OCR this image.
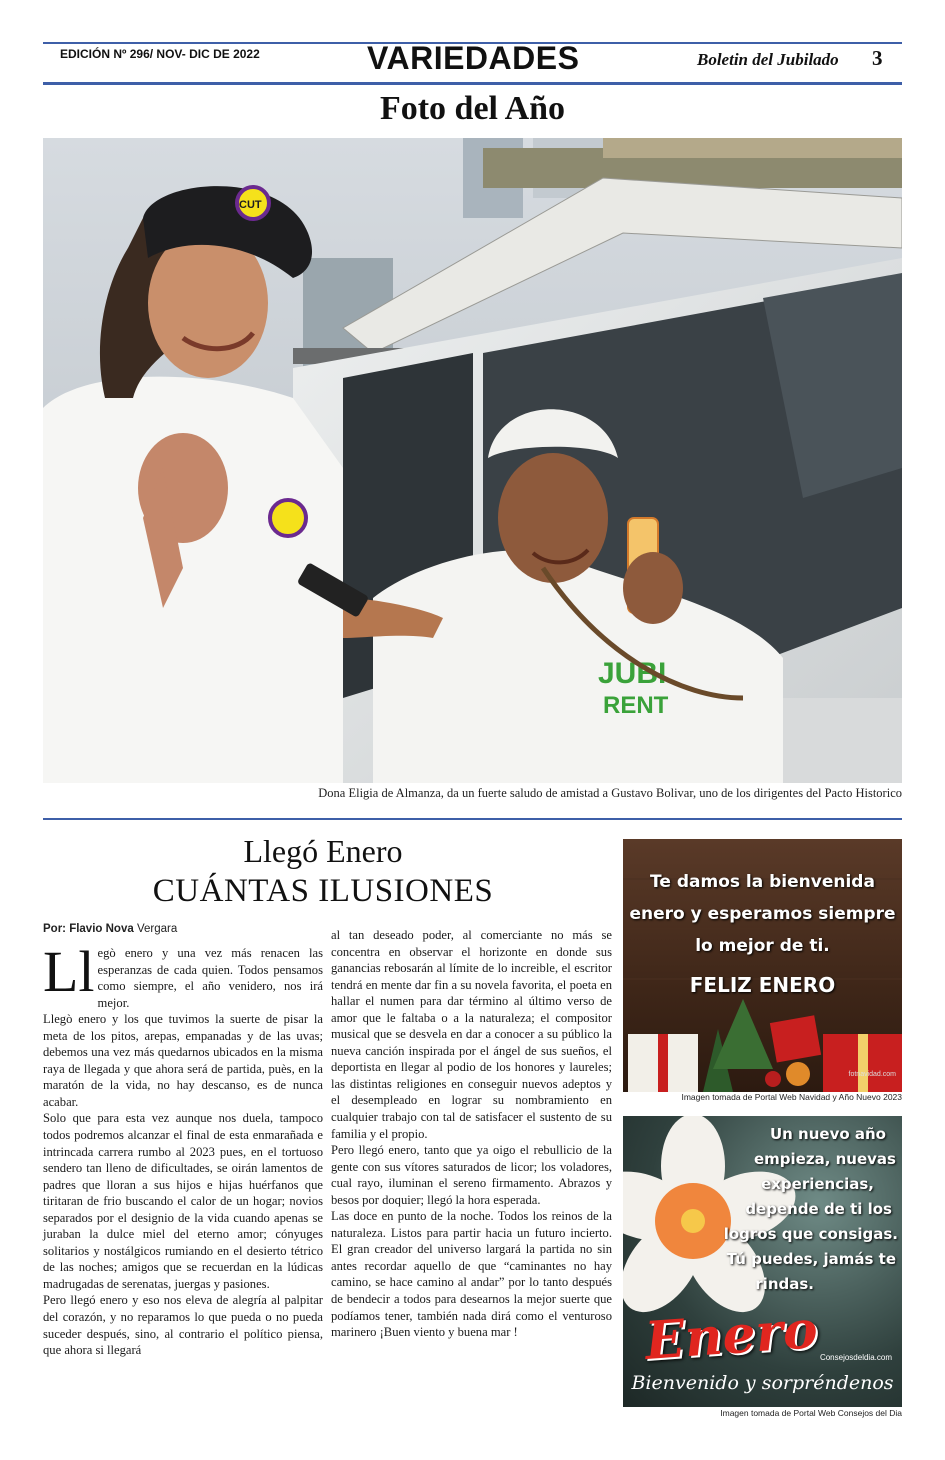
EDICIÓN Nº 296/ NOV- DIC DE 2022	VARIEDADES	Boletin del Jubilado 3
Foto del Año
CUT
JUBI
RENT
Dona Eligia de Almanza, da un fuerte saludo de amistad a Gustavo Bolivar, uno de los dirigentes del Pacto Historico
Llegó Enero
CUÁNTAS ILUSIONES
Por: Flavio Nova Vergara

Ll egò enero y una vez más renacen las esperanzas de cada quien. Todos pensamos como siempre, el año venidero, nos irá mejor.

Llegò enero y los que tuvimos la suerte de pisar la meta de los pitos, arepas, empanadas y de las uvas; debemos una vez más quedarnos ubicados en la misma raya de llegada y que ahora será de partida, puès, en la maratón de la vida, no hay descanso, es de nunca acabar.

Solo que para esta vez aunque nos duela, tampoco todos podremos alcanzar el final de esta enmarañada e intrincada carrera rumbo al 2023 pues, en el tortuoso sendero tan lleno de dificultades, se oirán lamentos de padres que lloran a sus hijos e hijas huérfanos que tiritaran de frio buscando el calor de un hogar; novios separados por el designio de la vida cuando apenas se juraban la dulce miel del eterno amor; cónyuges solitarios y nostálgicos rumiando en el desierto tétrico de las noches; amigos que se recuerdan en la lúdicas madrugadas de serenatas, juergas y pasiones.

Pero llegó enero y eso nos eleva de alegría al palpitar del corazón, y no reparamos lo que pueda o no pueda suceder después, sino, al contrario el político piensa, que ahora si llegará

al tan deseado poder, al comerciante no más se concentra en observar el horizonte en donde sus ganancias rebosarán al límite de lo increible, el escritor tendrá en mente dar fin a su novela favorita, el poeta en hallar el numen para dar término al último verso de amor que le faltaba o a la naturaleza; el compositor musical que se desvela en dar a conocer a su público la nueva canción inspirada por el ángel de sus sueños, el deportista en llegar al podio de los honores y laureles; las distintas religiones en conseguir nuevos adeptos y el desempleado en lograr su nombramiento en cualquier trabajo con tal de satisfacer el sustento de su familia y el propio.

Pero llegó enero, tanto que ya oigo el rebullicio de la gente con sus vítores saturados de licor; los voladores, cual rayo, iluminan el sereno firmamento. Abrazos y besos por doquier; llegó la hora esperada.

Las doce en punto de la noche. Todos los reinos de la naturaleza. Listos para partir hacia un futuro incierto. El gran creador del universo largará la partida no sin antes recordar aquello de que “caminantes no hay camino, se hace camino al andar” por lo tanto después de bendecir a todos para desearnos la mejor suerte que podíamos tener, también nada dirá como el venturoso marinero ¡Buen viento y buena mar !

Te damos la bienvenida
enero y esperamos siempre
lo mejor de ti.
FELIZ ENERO
fotnavidad.com
Imagen tomada de Portal Web Navidad y Año Nuevo 2023
Un nuevo año
empieza, nuevas
experiencias,
depende de ti los
logros que consigas.
Tú puedes, jamás te
rindas.
Enero Consejosdeldia.com
Bienvenido y sorpréndenos
Imagen tomada de Portal Web Consejos del Dia
